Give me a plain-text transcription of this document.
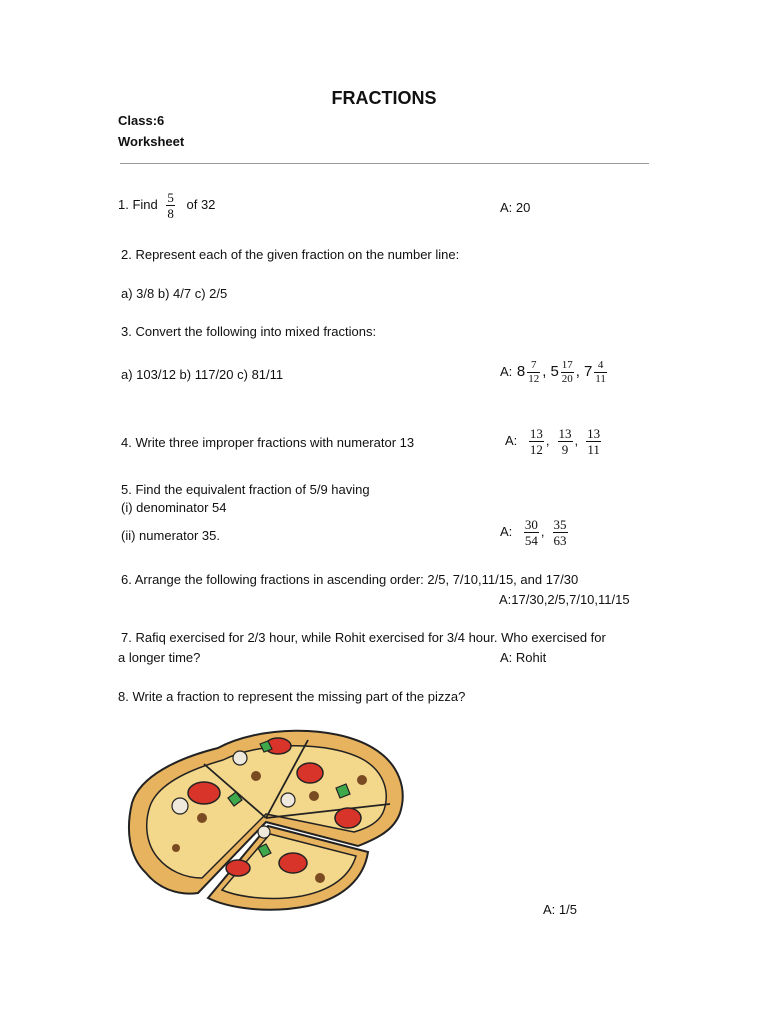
FRACTIONS
Class:6
Worksheet
1. Find $\frac{5}{8}$ of 32	A: 20
2. Represent each of the given fraction on the number line:
a) 3/8 b) 4/7 c) 2/5
3. Convert the following into mixed fractions:
a) 103/12 b) 117/20 c) 81/11	A: $8 \frac{7}{12}$ , $5 \frac{17}{20}$ , $7 \frac{4}{11}$
4. Write three improper fractions with numerator 13	A: $\frac{13}{12}$ , $\frac{13}{9}$ , $\frac{13}{11}$
5. Find the equivalent fraction of 5/9 having
(i) denominator 54
(ii) numerator 35.	A: $\frac{30}{54}$ , $\frac{35}{63}$
6. Arrange the following fractions in ascending order: 2/5, 7/10,11/15, and 17/30
A:17/30,2/5,7/10,11/15
7. Rafiq exercised for 2/3 hour, while Rohit exercised for 3/4 hour. Who exercised for
a longer time?	A: Rohit
8. Write a fraction to represent the missing part of the pizza?
A: 1/5
